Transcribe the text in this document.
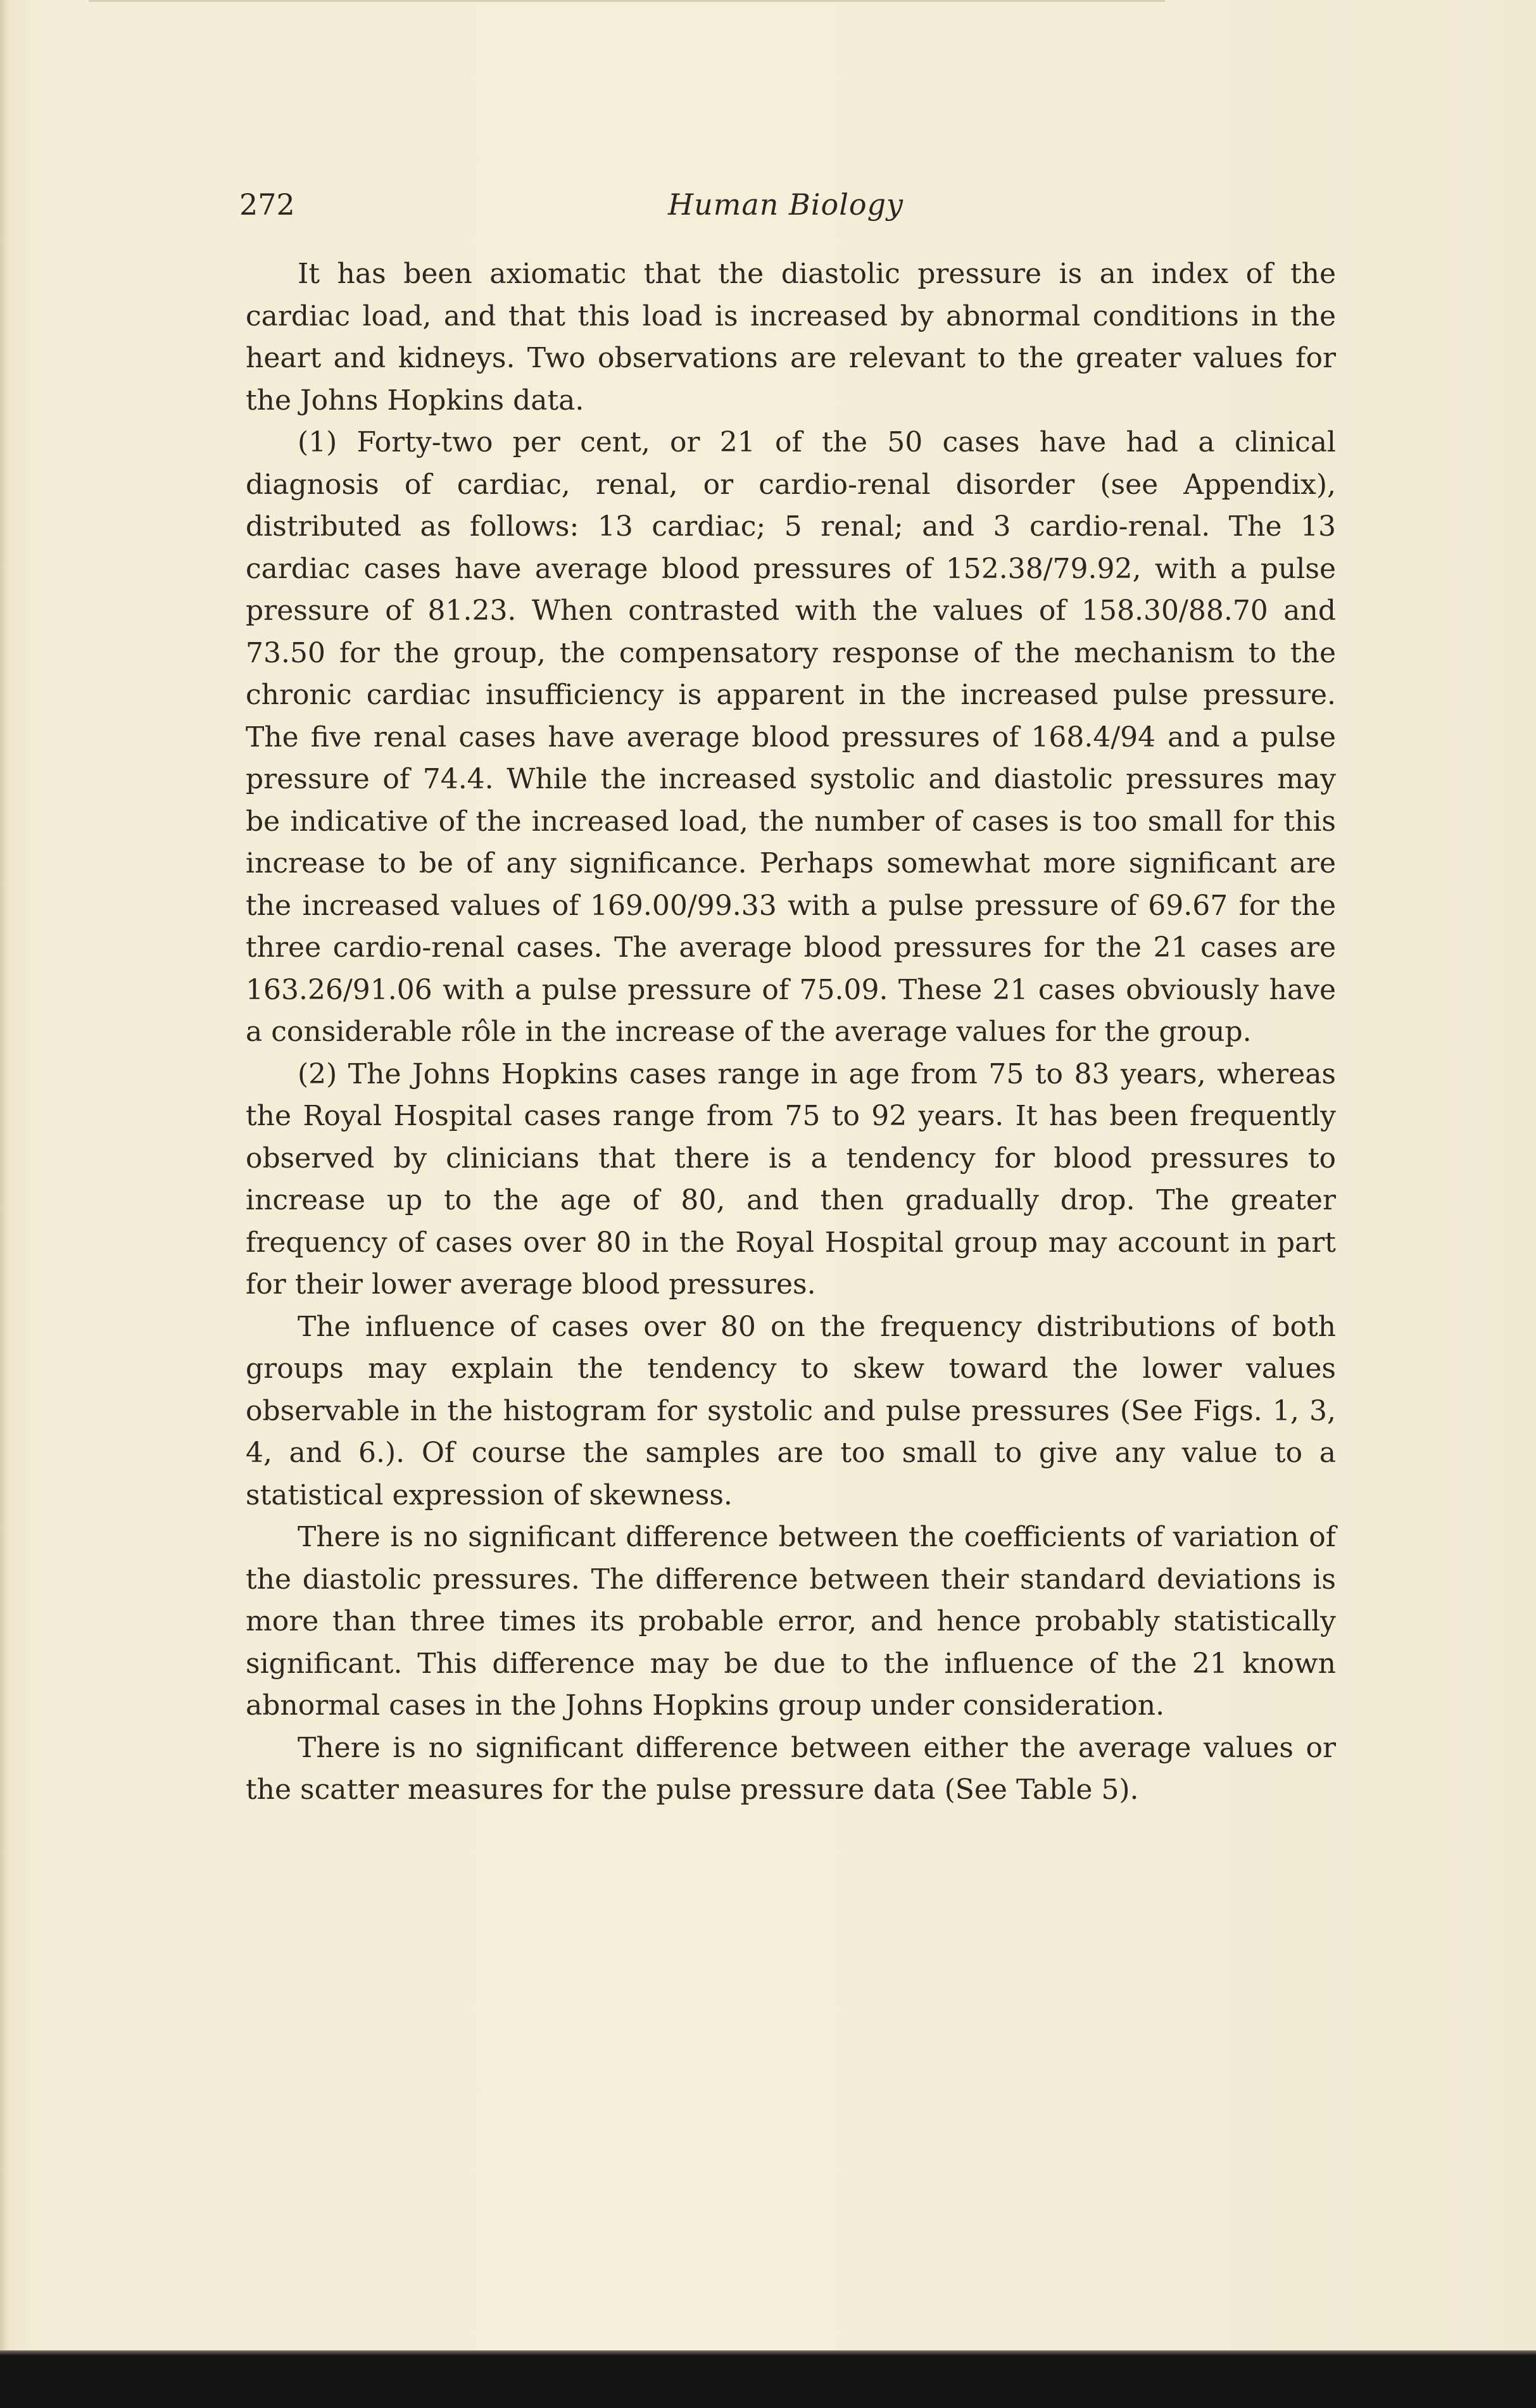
272	Human Biology

It has been axiomatic that the diastolic pressure is an index of the cardiac load, and that this load is increased by abnormal conditions in the heart and kidneys. Two observations are relevant to the greater values for the Johns Hopkins data.

(1) Forty-two per cent, or 21 of the 50 cases have had a clinical diagnosis of cardiac, renal, or cardio-renal disorder (see Appendix), distributed as follows: 13 cardiac; 5 renal; and 3 cardio-renal. The 13 cardiac cases have average blood pressures of 152.38/79.92, with a pulse pressure of 81.23. When contrasted with the values of 158.30/88.70 and 73.50 for the group, the compensatory response of the mechanism to the chronic cardiac insufficiency is apparent in the increased pulse pressure. The five renal cases have average blood pressures of 168.4/94 and a pulse pressure of 74.4. While the increased systolic and diastolic pressures may be indicative of the increased load, the number of cases is too small for this increase to be of any significance. Perhaps somewhat more significant are the increased values of 169.00/99.33 with a pulse pressure of 69.67 for the three cardio-renal cases. The average blood pressures for the 21 cases are 163.26/91.06 with a pulse pressure of 75.09. These 21 cases obviously have a considerable rôle in the increase of the average values for the group.

(2) The Johns Hopkins cases range in age from 75 to 83 years, whereas the Royal Hospital cases range from 75 to 92 years. It has been frequently observed by clinicians that there is a tendency for blood pressures to increase up to the age of 80, and then gradually drop. The greater frequency of cases over 80 in the Royal Hospital group may account in part for their lower average blood pressures.

The influence of cases over 80 on the frequency distributions of both groups may explain the tendency to skew toward the lower values observable in the histogram for systolic and pulse pressures (See Figs. 1, 3, 4, and 6.). Of course the samples are too small to give any value to a statistical expression of skewness.

There is no significant difference between the coefficients of variation of the diastolic pressures. The difference between their standard deviations is more than three times its probable error, and hence probably statistically significant. This difference may be due to the influence of the 21 known abnormal cases in the Johns Hopkins group under consideration.

There is no significant difference between either the average values or the scatter measures for the pulse pressure data (See Table 5).
